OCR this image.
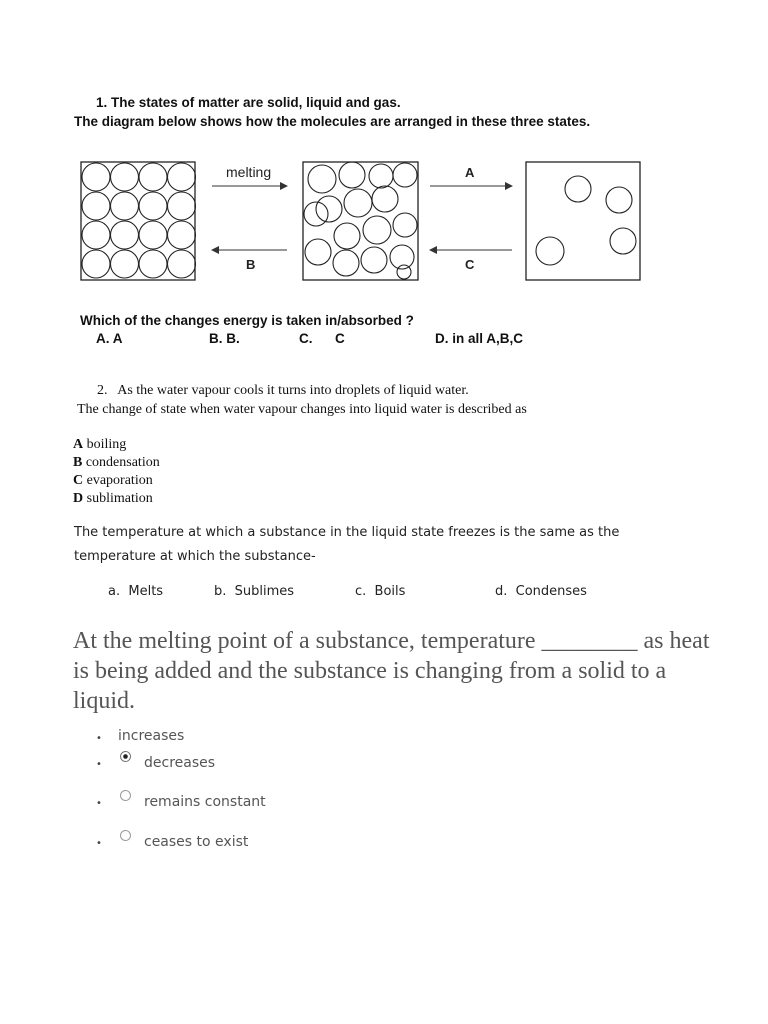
1. The states of matter are solid, liquid and gas.
The diagram below shows how the molecules are arranged in these three states.
melting
B
A
C
Which of the changes energy is taken in/absorbed ?
A. A	B. B.	C.      C	D. in all A,B,C
2.   As the water vapour cools it turns into droplets of liquid water.
The change of state when water vapour changes into liquid water is described as
A boiling
B condensation
C evaporation
D sublimation
The temperature at which a substance in the liquid state freezes is the same as the
temperature at which the substance-
a.  Melts	b.  Sublimes	c.  Boils	d.  Condenses
At the melting point of a substance, temperature ________ as heat is being added and the substance is changing from a solid to a liquid.
• increases
•	decreases
•	remains constant
•	ceases to exist
